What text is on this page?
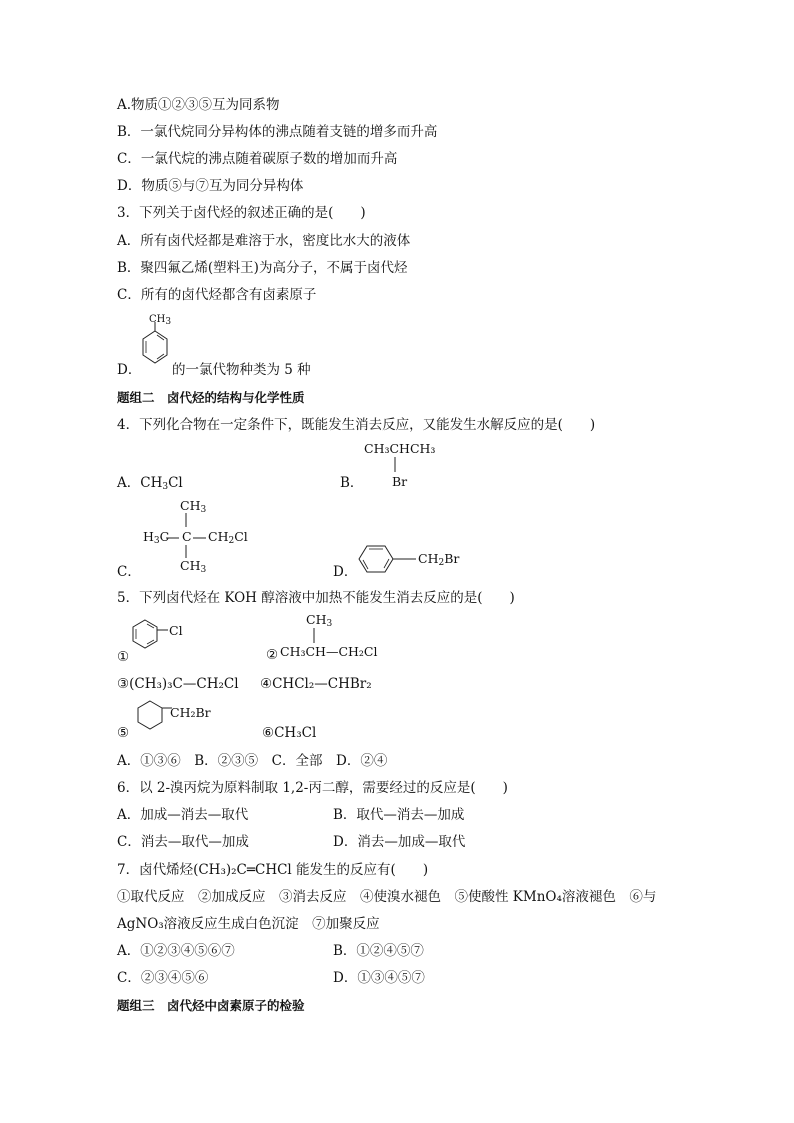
A.物质①②③⑤互为同系物
B．一氯代烷同分异构体的沸点随着支链的增多而升高
C．一氯代烷的沸点随着碳原子数的增加而升高
D．物质⑤与⑦互为同分异构体
3．下列关于卤代烃的叙述正确的是(　　)
A．所有卤代烃都是难溶于水，密度比水大的液体
B．聚四氟乙烯(塑料王)为高分子，不属于卤代烃
C．所有的卤代烃都含有卤素原子
$CH_3$
D． 的一氯代物种类为 5 种
题组二　卤代烃的结构与化学性质
4．下列化合物在一定条件下，既能发生消去反应，又能发生水解反应的是(　　)
CH₃CHCH₃
A．$CH_3Cl$	B． Br
$CH_3$
$H_3C$ C $CH_2Cl$
$CH_3$
C．	D．
$CH_2Br$
5．下列卤代烃在 KOH 醇溶液中加热不能发生消去反应的是(　　)
Cl
①
$CH_3$
② CH₃CH—CH₂Cl
③(CH₃)₃C—CH₂Cl ④CHCl₂—CHBr₂
CH₂Br
⑤	⑥CH₃Cl
A．①③⑥　B．②③⑤　C．全部　D．②④
6．以 2-溴丙烷为原料制取 1,2-丙二醇，需要经过的反应是(　　)
A．加成—消去—取代	B．取代—消去—加成
C．消去—取代—加成	D．消去—加成—取代
7．卤代烯烃(CH₃)₂C═CHCl 能发生的反应有(　　)
①取代反应　②加成反应　③消去反应　④使溴水褪色　⑤使酸性 KMnO₄溶液褪色　⑥与
AgNO₃溶液反应生成白色沉淀　⑦加聚反应
A．①②③④⑤⑥⑦	B．①②④⑤⑦
C．②③④⑤⑥	D．①③④⑤⑦
题组三　卤代烃中卤素原子的检验
